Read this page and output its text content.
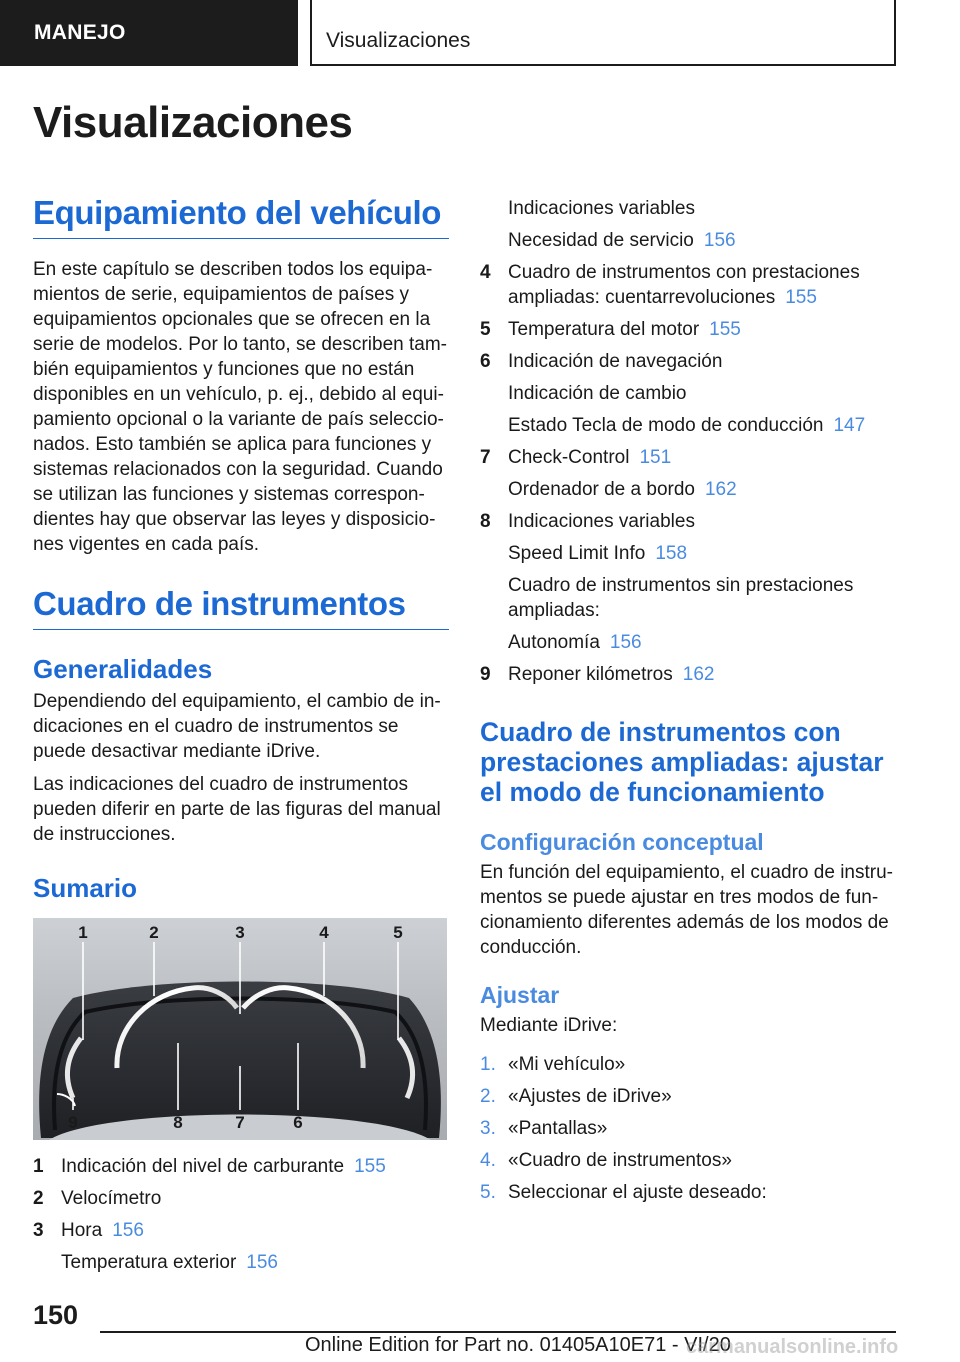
MANEJO	Visualizaciones
Visualizaciones
Equipamiento del vehículo

En este capítulo se describen todos los equipamientos de serie, equipamientos de países y equipamientos opcionales que se ofrecen en la serie de modelos. Por lo tanto, se describen también equipamientos y funciones que no están disponibles en un vehículo, p. ej., debido al equipamiento opcional o la variante de país seleccionados. Esto también se aplica para funciones y sistemas relacionados con la seguridad. Cuando se utilizan las funciones y sistemas correspondientes hay que observar las leyes y disposiciones vigentes en cada país.

Cuadro de instrumentos
Generalidades

Dependiendo del equipamiento, el cambio de indicaciones en el cuadro de instrumentos se puede desactivar mediante iDrive.

Las indicaciones del cuadro de instrumentos pueden diferir en parte de las figuras del manual de instrucciones.

Sumario
1	2	3	4	5
9	8	7	6
1 Indicación del nivel de carburante 155
2 Velocímetro
3 Hora 156
Temperatura exterior 156
Indicaciones variables
Necesidad de servicio 156
4 Cuadro de instrumentos con prestaciones ampliadas: cuentarrevoluciones 155
5 Temperatura del motor 155
6 Indicación de navegación
Indicación de cambio
Estado Tecla de modo de conducción 147
7 Check-Control 151
Ordenador de a bordo 162
8 Indicaciones variables
Speed Limit Info 158
Cuadro de instrumentos sin prestaciones ampliadas:
Autonomía 156
9 Reponer kilómetros 162
Cuadro de instrumentos con prestaciones ampliadas: ajustar el modo de funcionamiento
Configuración conceptual

En función del equipamiento, el cuadro de instrumentos se puede ajustar en tres modos de funcionamiento diferentes además de los modos de conducción.

Ajustar

Mediante iDrive:

1. «Mi vehículo»
2. «Ajustes de iDrive»
3. «Pantallas»
4. «Cuadro de instrumentos»
5. Seleccionar el ajuste deseado:
150
Online Edition for Part no. 01405A10E71 - VI/20
carmanualsonline.info
